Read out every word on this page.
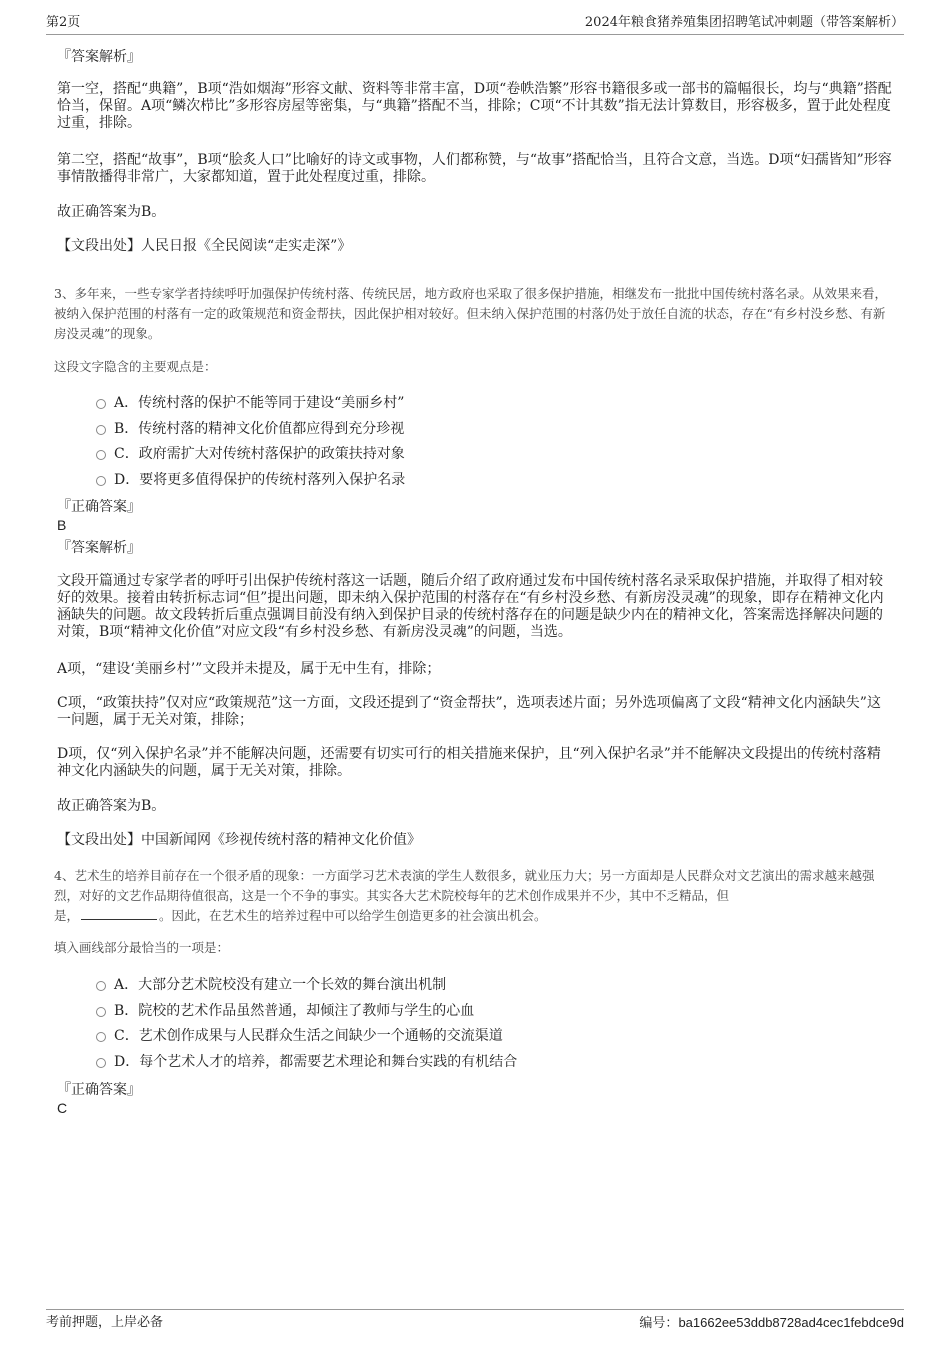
第2页	2024年粮食猪养殖集团招聘笔试冲刺题（带答案解析）
『答案解析』

第一空，搭配“典籍”，B项“浩如烟海”形容文献、资料等非常丰富，D项“卷帙浩繁”形容书籍很多或一部书的篇幅很长，均与“典籍”搭配恰当，保留。A项“鳞次栉比”多形容房屋等密集，与“典籍”搭配不当，排除；C项“不计其数”指无法计算数目，形容极多，置于此处程度过重，排除。

第二空，搭配“故事”，B项“脍炙人口”比喻好的诗文或事物，人们都称赞，与“故事”搭配恰当，且符合文意，当选。D项“妇孺皆知”形容事情散播得非常广，大家都知道，置于此处程度过重，排除。

故正确答案为B。

【文段出处】人民日报《全民阅读“走实走深”》

3、多年来，一些专家学者持续呼吁加强保护传统村落、传统民居，地方政府也采取了很多保护措施，相继发布一批批中国传统村落名录。从效果来看，被纳入保护范围的村落有一定的政策规范和资金帮扶，因此保护相对较好。但未纳入保护范围的村落仍处于放任自流的状态，存在“有乡村没乡愁、有新房没灵魂”的现象。

这段文字隐含的主要观点是：

A．传统村落的保护不能等同于建设“美丽乡村”
B．传统村落的精神文化价值都应得到充分珍视
C．政府需扩大对传统村落保护的政策扶持对象
D．要将更多值得保护的传统村落列入保护名录
『正确答案』
B
『答案解析』

文段开篇通过专家学者的呼吁引出保护传统村落这一话题，随后介绍了政府通过发布中国传统村落名录采取保护措施，并取得了相对较好的效果。接着由转折标志词“但”提出问题，即未纳入保护范围的村落存在“有乡村没乡愁、有新房没灵魂”的现象，即存在精神文化内涵缺失的问题。故文段转折后重点强调目前没有纳入到保护目录的传统村落存在的问题是缺少内在的精神文化，答案需选择解决问题的对策，B项“精神文化价值”对应文段“有乡村没乡愁、有新房没灵魂”的问题，当选。

A项，“建设‘美丽乡村’”文段并未提及，属于无中生有，排除；

C项，“政策扶持”仅对应“政策规范”这一方面，文段还提到了“资金帮扶”，选项表述片面；另外选项偏离了文段“精神文化内涵缺失”这一问题，属于无关对策，排除；

D项，仅“列入保护名录”并不能解决问题，还需要有切实可行的相关措施来保护，且“列入保护名录”并不能解决文段提出的传统村落精神文化内涵缺失的问题，属于无关对策，排除。

故正确答案为B。

【文段出处】中国新闻网《珍视传统村落的精神文化价值》

4、艺术生的培养目前存在一个很矛盾的现象：一方面学习艺术表演的学生人数很多，就业压力大；另一方面却是人民群众对文艺演出的需求越来越强烈，对好的文艺作品期待值很高，这是一个不争的事实。其实各大艺术院校每年的艺术创作成果并不少，其中不乏精品，但
是，	。因此，在艺术生的培养过程中可以给学生创造更多的社会演出机会。

填入画线部分最恰当的一项是：

A．大部分艺术院校没有建立一个长效的舞台演出机制
B．院校的艺术作品虽然普通，却倾注了教师与学生的心血
C．艺术创作成果与人民群众生活之间缺少一个通畅的交流渠道
D．每个艺术人才的培养，都需要艺术理论和舞台实践的有机结合
『正确答案』
C
考前押题，上岸必备	编号：ba1662ee53ddb8728ad4cec1febdce9d
